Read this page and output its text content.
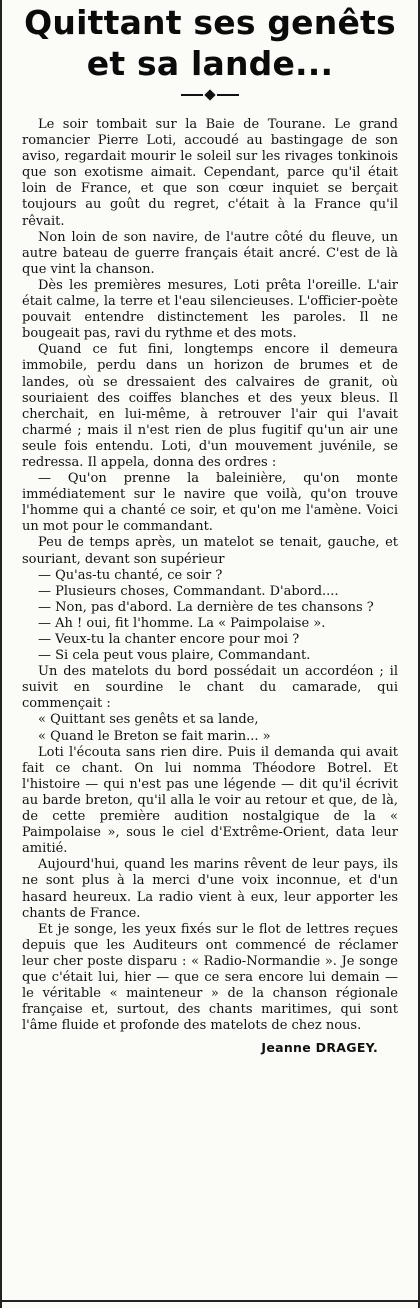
Quittant ses genêts
et sa lande...

Le soir tombait sur la Baie de Tourane. Le grand romancier Pierre Loti, accoudé au bastingage de son aviso, regardait mourir le soleil sur les rivages tonkinois que son exotisme aimait. Cependant, parce qu'il était loin de France, et que son cœur inquiet se berçait toujours au goût du regret, c'était à la France qu'il rêvait.

Non loin de son navire, de l'autre côté du fleuve, un autre bateau de guerre français était ancré. C'est de là que vint la chanson.

Dès les premières mesures, Loti prêta l'oreille. L'air était calme, la terre et l'eau silencieuses. L'officier-poète pouvait entendre distinctement les paroles. Il ne bougeait pas, ravi du rythme et des mots.

Quand ce fut fini, longtemps encore il demeura immobile, perdu dans un horizon de brumes et de landes, où se dressaient des calvaires de granit, où souriaient des coiffes blanches et des yeux bleus. Il cherchait, en lui-même, à retrouver l'air qui l'avait charmé ; mais il n'est rien de plus fugitif qu'un air une seule fois entendu. Loti, d'un mouvement juvénile, se redressa. Il appela, donna des ordres :

— Qu'on prenne la baleinière, qu'on monte immédiatement sur le navire que voilà, qu'on trouve l'homme qui a chanté ce soir, et qu'on me l'amène. Voici un mot pour le commandant.

Peu de temps après, un matelot se tenait, gauche, et souriant, devant son supérieur

— Qu'as-tu chanté, ce soir ?

— Plusieurs choses, Commandant. D'abord....

— Non, pas d'abord. La dernière de tes chansons ?

— Ah ! oui, fit l'homme. La « Paimpolaise ».

— Veux-tu la chanter encore pour moi ?

— Si cela peut vous plaire, Commandant.

Un des matelots du bord possédait un accordéon ; il suivit en sourdine le chant du camarade, qui commençait :

« Quittant ses genêts et sa lande,

« Quand le Breton se fait marin... »

Loti l'écouta sans rien dire. Puis il demanda qui avait fait ce chant. On lui nomma Théodore Botrel. Et l'histoire — qui n'est pas une légende — dit qu'il écrivit au barde breton, qu'il alla le voir au retour et que, de là, de cette première audition nostalgique de la « Paimpolaise », sous le ciel d'Extrême-Orient, data leur amitié.

Aujourd'hui, quand les marins rêvent de leur pays, ils ne sont plus à la merci d'une voix inconnue, et d'un hasard heureux. La radio vient à eux, leur apporter les chants de France.

Et je songe, les yeux fixés sur le flot de lettres reçues depuis que les Auditeurs ont commencé de réclamer leur cher poste disparu : « Radio-Normandie ». Je songe que c'était lui, hier — que ce sera encore lui demain — le véritable « mainteneur » de la chanson régionale française et, surtout, des chants maritimes, qui sont l'âme fluide et profonde des matelots de chez nous.

Jeanne DRAGEY.
